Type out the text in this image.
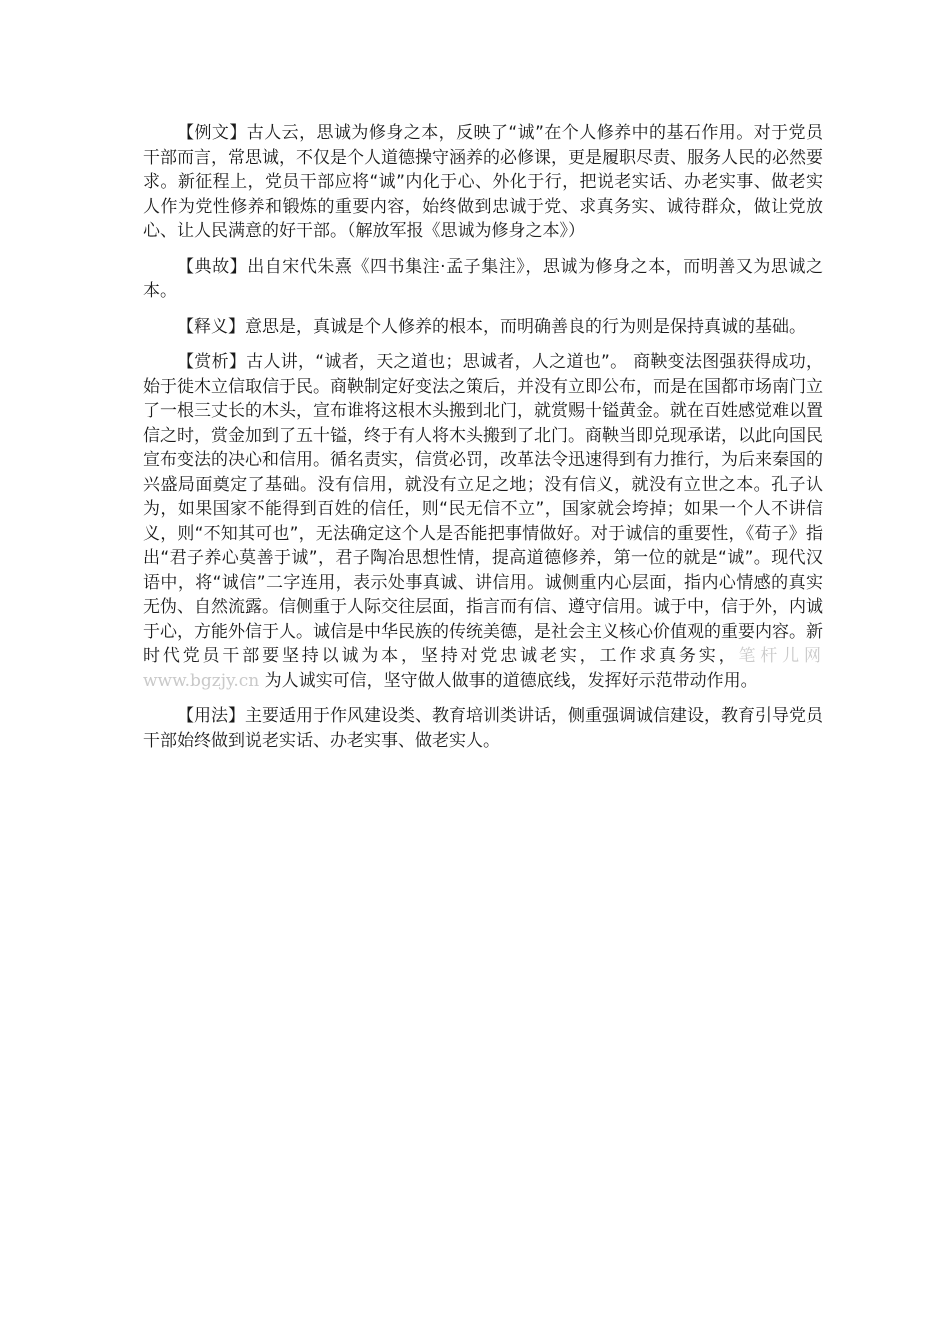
【例文】古人云，思诚为修身之本，反映了“诚”在个人修养中的基石作用。对于党员干部而言，常思诚，不仅是个人道德操守涵养的必修课，更是履职尽责、服务人民的必然要求。新征程上，党员干部应将“诚”内化于心、外化于行，把说老实话、办老实事、做老实人作为党性修养和锻炼的重要内容，始终做到忠诚于党、求真务实、诚待群众，做让党放心、让人民满意的好干部。（解放军报《思诚为修身之本》）

【典故】出自宋代朱熹《四书集注·孟子集注》，思诚为修身之本，而明善又为思诚之本。

【释义】意思是，真诚是个人修养的根本，而明确善良的行为则是保持真诚的基础。

【赏析】古人讲，“诚者，天之道也；思诚者，人之道也”。 商鞅变法图强获得成功，始于徙木立信取信于民。商鞅制定好变法之策后，并没有立即公布，而是在国都市场南门立了一根三丈长的木头，宣布谁将这根木头搬到北门，就赏赐十镒黄金。就在百姓感觉难以置信之时，赏金加到了五十镒，终于有人将木头搬到了北门。商鞅当即兑现承诺，以此向国民宣布变法的决心和信用。循名责实，信赏必罚，改革法令迅速得到有力推行，为后来秦国的兴盛局面奠定了基础。没有信用，就没有立足之地；没有信义，就没有立世之本。孔子认为，如果国家不能得到百姓的信任，则“民无信不立”，国家就会垮掉；如果一个人不讲信义，则“不知其可也”，无法确定这个人是否能把事情做好。对于诚信的重要性，《荀子》指出“君子养心莫善于诚”，君子陶冶思想性情，提高道德修养，第一位的就是“诚”。现代汉语中，将“诚信”二字连用，表示处事真诚、讲信用。诚侧重内心层面，指内心情感的真实无伪、自然流露。信侧重于人际交往层面，指言而有信、遵守信用。诚于中，信于外，内诚于心，方能外信于人。诚信是中华民族的传统美德，是社会主义核心价值观的重要内容。新时代党员干部要坚持以诚为本，坚持对党忠诚老实，工作求真务实，笔杆儿网 www.bgzjy.cn 为人诚实可信，坚守做人做事的道德底线，发挥好示范带动作用。

【用法】主要适用于作风建设类、教育培训类讲话，侧重强调诚信建设，教育引导党员干部始终做到说老实话、办老实事、做老实人。
